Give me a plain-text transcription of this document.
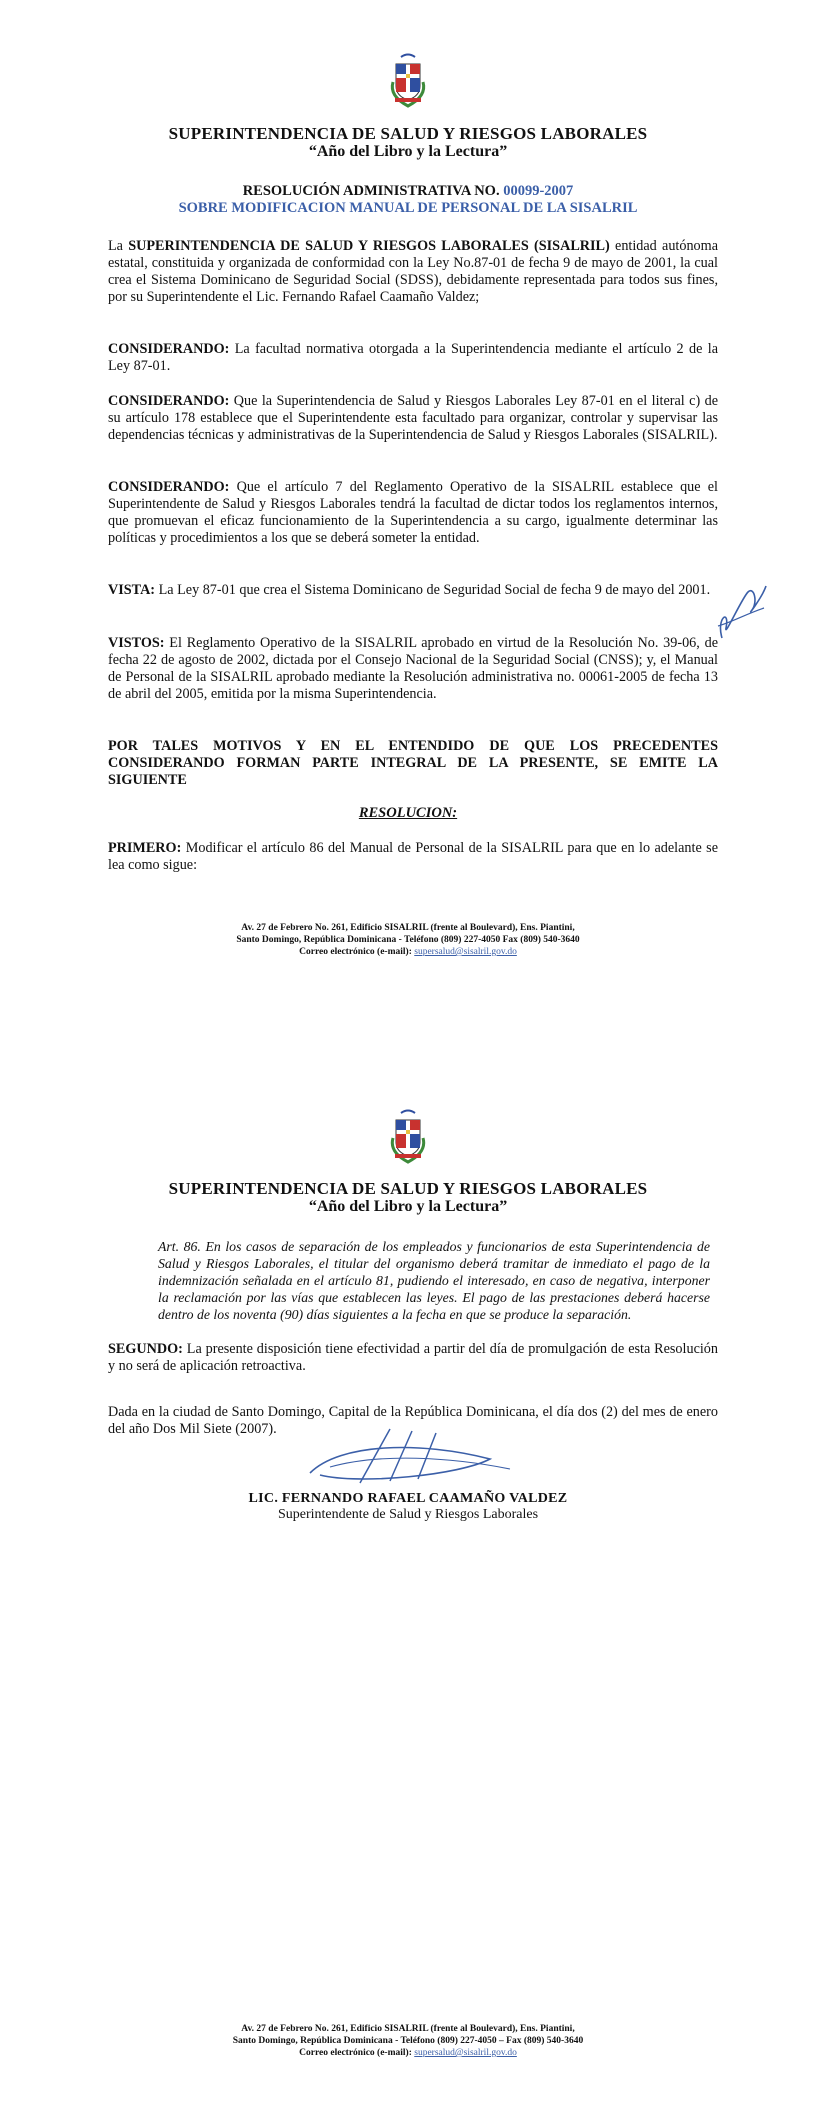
SUPERINTENDENCIA DE SALUD Y RIESGOS LABORALES
“Año del Libro y la Lectura”
RESOLUCIÓN ADMINISTRATIVA NO. 00099-2007
SOBRE MODIFICACION MANUAL DE PERSONAL DE LA SISALRIL

La SUPERINTENDENCIA DE SALUD Y RIESGOS LABORALES (SISALRIL) entidad autónoma estatal, constituida y organizada de conformidad con la Ley No.87-01 de fecha 9 de mayo de 2001, la cual crea el Sistema Dominicano de Seguridad Social (SDSS), debidamente representada para todos sus fines, por su Superintendente el Lic. Fernando Rafael Caamaño Valdez;

CONSIDERANDO: La facultad normativa otorgada a la Superintendencia mediante el artículo 2 de la Ley 87-01.

CONSIDERANDO: Que la Superintendencia de Salud y Riesgos Laborales Ley 87-01 en el literal c) de su artículo 178 establece que el Superintendente esta facultado para organizar, controlar y supervisar las dependencias técnicas y administrativas de la Superintendencia de Salud y Riesgos Laborales (SISALRIL).

CONSIDERANDO: Que el artículo 7 del Reglamento Operativo de la SISALRIL establece que el Superintendente de Salud y Riesgos Laborales tendrá la facultad de dictar todos los reglamentos internos, que promuevan el eficaz funcionamiento de la Superintendencia a su cargo, igualmente determinar las políticas y procedimientos a los que se deberá someter la entidad.

VISTA: La Ley 87-01 que crea el Sistema Dominicano de Seguridad Social de fecha 9 de mayo del 2001.

VISTOS: El Reglamento Operativo de la SISALRIL aprobado en virtud de la Resolución No. 39-06, de fecha 22 de agosto de 2002, dictada por el Consejo Nacional de la Seguridad Social (CNSS); y, el Manual de Personal de la SISALRIL aprobado mediante la Resolución administrativa no. 00061-2005 de fecha 13 de abril del 2005, emitida por la misma Superintendencia.

POR TALES MOTIVOS Y EN EL ENTENDIDO DE QUE LOS PRECEDENTES CONSIDERANDO FORMAN PARTE INTEGRAL DE LA PRESENTE, SE EMITE LA SIGUIENTE

RESOLUCION:

PRIMERO: Modificar el artículo 86 del Manual de Personal de la SISALRIL para que en lo adelante se lea como sigue:

Av. 27 de Febrero No. 261, Edificio SISALRIL (frente al Boulevard), Ens. Piantini,
Santo Domingo, República Dominicana - Teléfono (809) 227-4050 Fax (809) 540-3640
Correo electrónico (e-mail): supersalud@sisalril.gov.do
SUPERINTENDENCIA DE SALUD Y RIESGOS LABORALES
“Año del Libro y la Lectura”

Art. 86. En los casos de separación de los empleados y funcionarios de esta Superintendencia de Salud y Riesgos Laborales, el titular del organismo deberá tramitar de inmediato el pago de la indemnización señalada en el artículo 81, pudiendo el interesado, en caso de negativa, interponer la reclamación por las vías que establecen las leyes. El pago de las prestaciones deberá hacerse dentro de los noventa (90) días siguientes a la fecha en que se produce la separación.

SEGUNDO: La presente disposición tiene efectividad a partir del día de promulgación de esta Resolución y no será de aplicación retroactiva.

Dada en la ciudad de Santo Domingo, Capital de la República Dominicana, el día dos (2) del mes de enero del año Dos Mil Siete (2007).

LIC. FERNANDO RAFAEL CAAMAÑO VALDEZ
Superintendente de Salud y Riesgos Laborales
Av. 27 de Febrero No. 261, Edificio SISALRIL (frente al Boulevard), Ens. Piantini,
Santo Domingo, República Dominicana - Teléfono (809) 227-4050 – Fax (809) 540-3640
Correo electrónico (e-mail): supersalud@sisalril.gov.do
